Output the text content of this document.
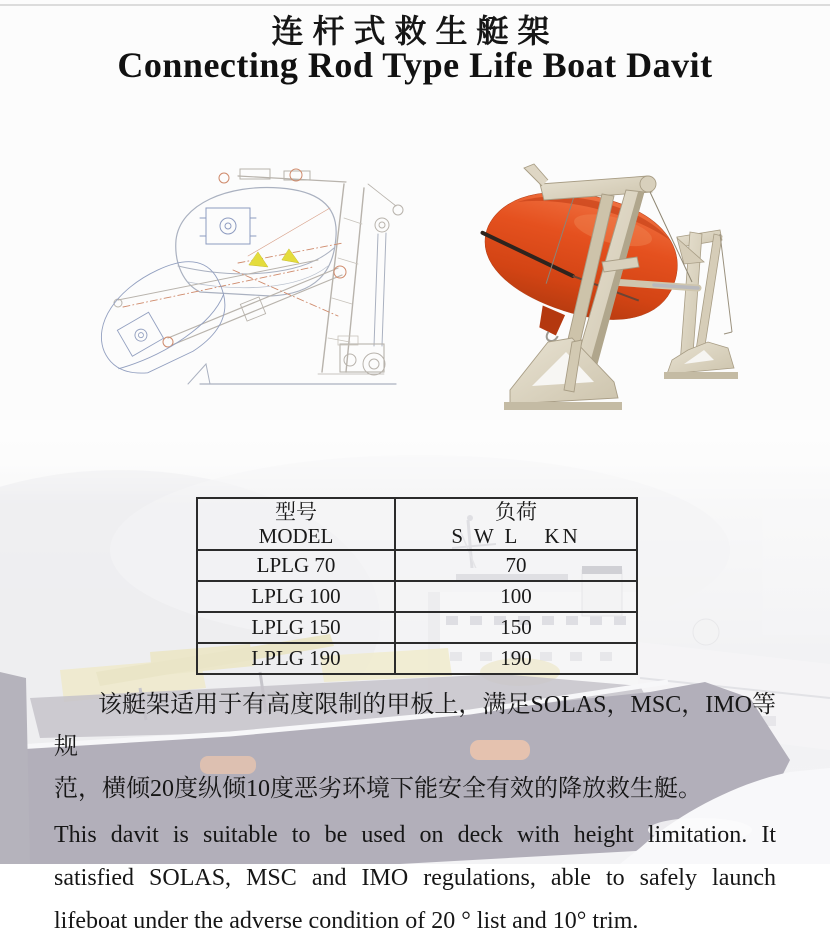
连杆式救生艇架
Connecting Rod Type Life Boat Davit
型号
MODEL

负荷
S W L   KN

LPLG 70	70
LPLG 100	100
LPLG 150	150
LPLG 190	190
该艇架适用于有高度限制的甲板上，满足SOLAS，MSC，IMO等规
范，横倾20度纵倾10度恶劣环境下能安全有效的降放救生艇。
This davit is suitable to be used on deck with height limitation. It
satisfied SOLAS, MSC and IMO regulations, able to safely launch
lifeboat under the adverse condition of 20 ° list and 10° trim.
